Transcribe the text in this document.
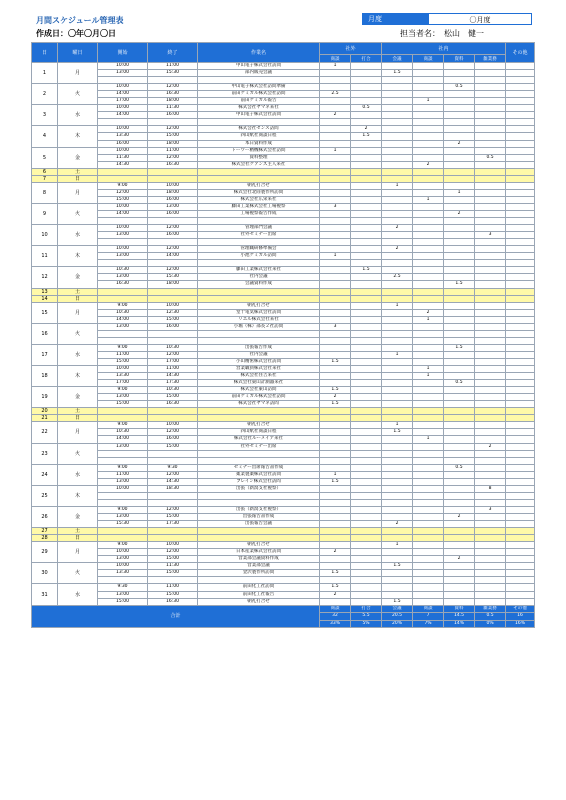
月間スケジュール管理表
作成日：〇年〇月〇日
月度	〇月度
担当者名：　松山　健一
日	曜日	開始	終了	作業名	社外		社内				その他
					商談	打合	会議	商談	資料	雑業務	
1	月	10:00	11:00	中山電子株式会社訪問	1						
		13:00	15:30	部内販売会議			1.5				

2	火	10:00	12:00	中山電子株式会社訪問準備					0.5		
		14:00	16:30	前田ケミカル株式会社訪問	2.5						
		17:00	18:00	前田ケミカル報告				1			
3	水	10:00	11:30	株式会社ヤマネ来社		0.5					
		14:00	16:00	中山電子株式会社訪問	2						

4	木	10:00	12:00	株式会社センス訪問		2					
		13:30	15:00	四山紙社商談日程		1.5					
		16:00	18:00	本日資料作成					2		
5	金	10:00	11:00	トーワー精機株式会社訪問	1						
		11:30	12:00	資料整理						0.5	
		14:30	16:30	株式会社ケアンズ主人来社				2			
6	土										
7	日										
8	月	9:00	10:00	朝礼打合せ			1				
		12:00	18:00	株式会社北陸製作所訪問					1		
		15:00	16:00	株式会社広栄来社				1			
9	火	10:00	13:00	藤田工業株式会社工場視察	3						
		14:00	16:00	工場視察報告作成					2		

10	水	10:00	12:00	管理部門会議			2				
		13:00	16:00	社外セミナー出席						3	

11	木	10:00	12:00	管理職研修準備会			2				
		13:00	14:00	小池ケミカル訪問	1						

12	金	10:30	12:00	藤田工業株式会社来社		1.5					
		13:00	15:30	社内会議			2.5				
		16:30	18:00	会議資料作成					1.5		
13	土										
14	日										
15	月	9:00	10:00	朝礼打合せ			1				
		10:30	12:30	堂十電気株式会社訪問				2			
		14:00	15:00	リエル株式会社来社				1			
16	火	13:00	16:00	小堀（株）部長２社訪問	3						

17	水	9:00	10:30	出張報告作成					1.5		
		11:00	12:00	社内会議			1				
		15:00	17:00	小山精密株式会社訪問	1.5						
18	木	10:00	11:00	営業職員株式会社来社				1			
		13:30	14:30	株式会社住吉来社				1			
		17:00	17:30	株式会社東山計測器来社					0.5		
19	金	9:00	10:30	株式会社東山訪問	1.5						
		13:00	15:00	前田ケミカル株式会社訪問	2						
		15:00	16:30	株式会社ヤマネ訪問	1.5						
20	土										
21	日										
22	月	9:00	10:00	朝礼打合せ			1				
		10:30	12:00	四山紙社商談日程			1.5				
		14:00	16:00	株式会社ルーメイア来社				1			
23	火	13:00	15:00	社外セミナー出席						2	

24	水	9:00	9:30	セミナー出席報告書作成					0.5		
		11:00	12:00	薬業製薬株式会社訪問	1						
		13:00	14:30	ブレイン株式会社訪問	1.5						
25	木	10:00	18:30	出張（新潟支社視察）						8	

26	金	9:00	12:00	出張（新潟支社視察）						3	
		13:00	15:00	出張報告書作成					2		
		15:30	17:30	出張報告会議			2				
27	土										
28	日										
29	月	9:00	10:00	朝礼打合せ			1				
		10:00	12:00	日本産業株式会社訪問	2						
		13:00	15:00	営業部会議資料作成					2		
30	火	10:00	11:30	営業部会議			1.5				
		13:30	15:00	金沢製作所訪問	1.5						

31	水	9:30	11:00	前田化工社訪問	1.5						
		13:00	15:00	前田化工社報告	2						
		15:00	16:30	朝礼打合せ			1.5				
合計					商談	打合	会議	商談	資料	雑業務	その他
					32	5.5	20.5	7	14.5	0.5	16
					33%	5%	20%	7%	14%	0%	16%
